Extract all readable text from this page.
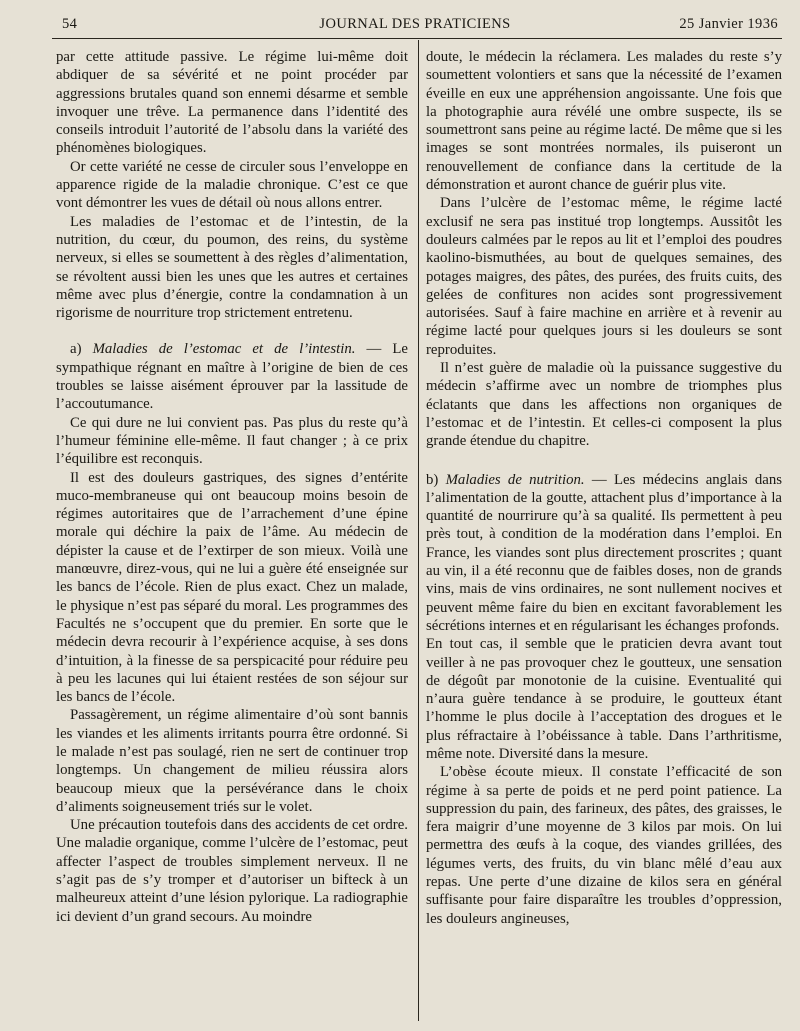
54	JOURNAL DES PRATICIENS	25 Janvier 1936

par cette attitude passive. Le régime lui-même doit abdiquer de sa sévérité et ne point procéder par aggressions brutales quand son ennemi désarme et semble invoquer une trêve. La permanence dans l’identité des conseils introduit l’autorité de l’absolu dans la variété des phénomènes biologiques.

Or cette variété ne cesse de circuler sous l’enveloppe en apparence rigide de la maladie chronique. C’est ce que vont démontrer les vues de détail où nous allons entrer.

Les maladies de l’estomac et de l’intestin, de la nutrition, du cœur, du poumon, des reins, du système nerveux, si elles se soumettent à des règles d’alimentation, se révoltent aussi bien les unes que les autres et certaines même avec plus d’énergie, contre la condamnation à un rigorisme de nourriture trop strictement entretenu.

a) Maladies de l’estomac et de l’intestin. — Le sympathique régnant en maître à l’origine de bien de ces troubles se laisse aisément éprouver par la lassitude de l’accoutumance.

Ce qui dure ne lui convient pas. Pas plus du reste qu’à l’humeur féminine elle-même. Il faut changer ; à ce prix l’équilibre est reconquis.

Il est des douleurs gastriques, des signes d’entérite muco-membraneuse qui ont beaucoup moins besoin de régimes autoritaires que de l’arrachement d’une épine morale qui déchire la paix de l’âme. Au médecin de dépister la cause et de l’extirper de son mieux. Voilà une manœuvre, direz-vous, qui ne lui a guère été enseignée sur les bancs de l’école. Rien de plus exact. Chez un malade, le physique n’est pas séparé du moral. Les programmes des Facultés ne s’occupent que du premier. En sorte que le médecin devra recourir à l’expérience acquise, à ses dons d’intuition, à la finesse de sa perspicacité pour réduire peu à peu les lacunes qui lui étaient restées de son séjour sur les bancs de l’école.

Passagèrement, un régime alimentaire d’où sont bannis les viandes et les aliments irritants pourra être ordonné. Si le malade n’est pas soulagé, rien ne sert de continuer trop longtemps. Un changement de milieu réussira alors beaucoup mieux que la persévérance dans le choix d’aliments soigneusement triés sur le volet.

Une précaution toutefois dans des accidents de cet ordre. Une maladie organique, comme l’ulcère de l’estomac, peut affecter l’aspect de troubles simplement nerveux. Il ne s’agit pas de s’y tromper et d’autoriser un bifteck à un malheureux atteint d’une lésion pylorique. La radiographie ici devient d’un grand secours. Au moindre

doute, le médecin la réclamera. Les malades du reste s’y soumettent volontiers et sans que la nécessité de l’examen éveille en eux une appréhension angoissante. Une fois que la photographie aura révélé une ombre suspecte, ils se soumettront sans peine au régime lacté. De même que si les images se sont montrées normales, ils puiseront un renouvellement de confiance dans la certitude de la démonstration et auront chance de guérir plus vite.

Dans l’ulcère de l’estomac même, le régime lacté exclusif ne sera pas institué trop longtemps. Aussitôt les douleurs calmées par le repos au lit et l’emploi des poudres kaolino-bismuthées, au bout de quelques semaines, des potages maigres, des pâtes, des purées, des fruits cuits, des gelées de confitures non acides sont progressivement autorisées. Sauf à faire machine en arrière et à revenir au régime lacté pour quelques jours si les douleurs se sont reproduites.

Il n’est guère de maladie où la puissance suggestive du médecin s’affirme avec un nombre de triomphes plus éclatants que dans les affections non organiques de l’estomac et de l’intestin. Et celles-ci composent la plus grande étendue du chapitre.

b) Maladies de nutrition. — Les médecins anglais dans l’alimentation de la goutte, attachent plus d’importance à la quantité de nourrirure qu’à sa qualité. Ils permettent à peu près tout, à condition de la modération dans l’emploi. En France, les viandes sont plus directement proscrites ; quant au vin, il a été reconnu que de faibles doses, non de grands vins, mais de vins ordinaires, ne sont nullement nocives et peuvent même faire du bien en excitant favorablement les sécrétions internes et en régularisant les échanges profonds.

En tout cas, il semble que le praticien devra avant tout veiller à ne pas provoquer chez le goutteux, une sensation de dégoût par monotonie de la cuisine. Eventualité qui n’aura guère tendance à se produire, le goutteux étant l’homme le plus docile à l’acceptation des drogues et le plus réfractaire à l’obéissance à table. Dans l’arthritisme, même note. Diversité dans la mesure.

L’obèse écoute mieux. Il constate l’efficacité de son régime à sa perte de poids et ne perd point patience. La suppression du pain, des farineux, des pâtes, des graisses, le fera maigrir d’une moyenne de 3 kilos par mois. On lui permettra des œufs à la coque, des viandes grillées, des légumes verts, des fruits, du vin blanc mêlé d’eau aux repas. Une perte d’une dizaine de kilos sera en général suffisante pour faire disparaître les troubles d’oppression, les douleurs angineuses,
